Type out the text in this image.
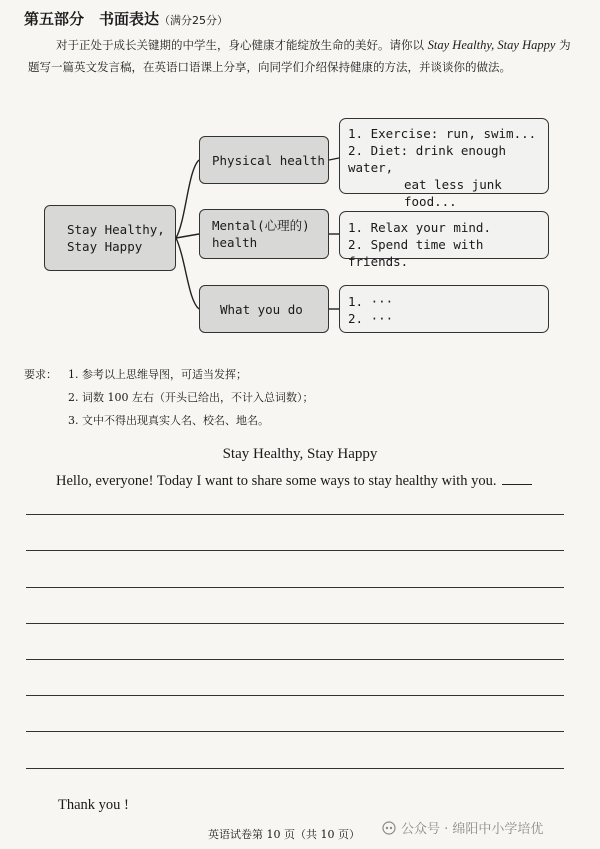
第五部分　书面表达（满分25分）
对于正处于成长关键期的中学生，身心健康才能绽放生命的美好。请你以 Stay Healthy, Stay Happy 为题写一篇英文发言稿，在英语口语课上分享，向同学们介绍保持健康的方法，并谈谈你的做法。
Stay Healthy,
Stay Happy
Physical health
Mental(心理的)
health
What you do
1. Exercise: run, swim...
2. Diet: drink enough water,
eat less junk food...
1. Relax your mind.
2. Spend time with friends.
1. ···
2. ···
要求： 1. 参考以上思维导图，可适当发挥；
2. 词数 100 左右（开头已给出，不计入总词数）；
3. 文中不得出现真实人名、校名、地名。
Stay Healthy, Stay Happy
Hello, everyone! Today I want to share some ways to stay healthy with you.
Thank you !
英语试卷第 10 页（共 10 页）	公众号 · 绵阳中小学培优
